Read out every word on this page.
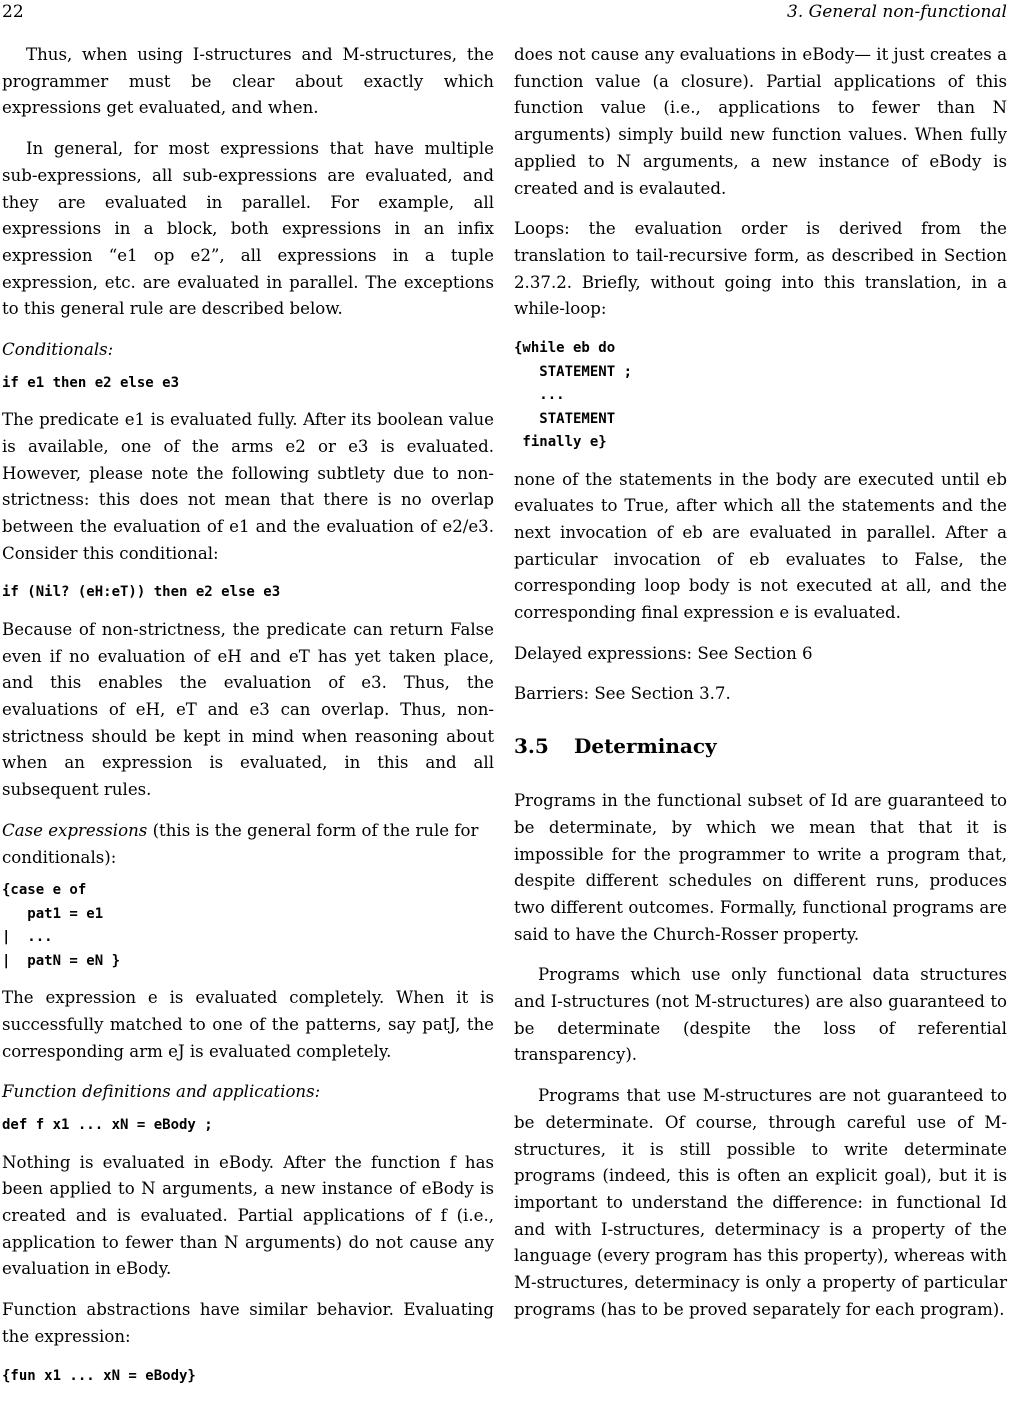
22	3. General non-functional

Thus, when using I-structures and M-structures, the programmer must be clear about exactly which expressions get evaluated, and when.

In general, for most expressions that have multiple sub-expressions, all sub-expressions are evaluated, and they are evaluated in parallel. For example, all expressions in a block, both expressions in an infix expression “e1 op e2”, all expressions in a tuple expression, etc. are evaluated in parallel. The exceptions to this general rule are described below.

Conditionals:
if e1 then e2 else e3

The predicate e1 is evaluated fully. After its boolean value is available, one of the arms e2 or e3 is evaluated. However, please note the following subtlety due to non-strictness: this does not mean that there is no overlap between the evaluation of e1 and the evaluation of e2/e3. Consider this conditional:

if (Nil? (eH:eT)) then e2 else e3

Because of non-strictness, the predicate can return False even if no evaluation of eH and eT has yet taken place, and this enables the evaluation of e3. Thus, the evaluations of eH, eT and e3 can overlap. Thus, non-strictness should be kept in mind when reasoning about when an expression is evaluated, in this and all subsequent rules.

Case expressions (this is the general form of the rule for conditionals):
{case e of
pat1 = e1
|  ...
|  patN = eN }

The expression e is evaluated completely. When it is successfully matched to one of the patterns, say patJ, the corresponding arm eJ is evaluated completely.

Function definitions and applications:
def f x1 ... xN = eBody ;

Nothing is evaluated in eBody. After the function f has been applied to N arguments, a new instance of eBody is created and is evaluated. Partial applications of f (i.e., application to fewer than N arguments) do not cause any evaluation in eBody.

Function abstractions have similar behavior. Evaluating the expression:

{fun x1 ... xN = eBody}

does not cause any evaluations in eBody— it just creates a function value (a closure). Partial applications of this function value (i.e., applications to fewer than N arguments) simply build new function values. When fully applied to N arguments, a new instance of eBody is created and is evalauted.

Loops: the evaluation order is derived from the translation to tail-recursive form, as described in Section 2.37.2. Briefly, without going into this translation, in a while-loop:

{while eb do
STATEMENT ;
...
STATEMENT
finally e}

none of the statements in the body are executed until eb evaluates to True, after which all the statements and the next invocation of eb are evaluated in parallel. After a particular invocation of eb evaluates to False, the corresponding loop body is not executed at all, and the corresponding final expression e is evaluated.

Delayed expressions: See Section 6

Barriers: See Section 3.7.

3.5 Determinacy

Programs in the functional subset of Id are guaranteed to be determinate, by which we mean that that it is impossible for the programmer to write a program that, despite different schedules on different runs, produces two different outcomes. Formally, functional programs are said to have the Church-Rosser property.

Programs which use only functional data structures and I-structures (not M-structures) are also guaranteed to be determinate (despite the loss of referential transparency).

Programs that use M-structures are not guaranteed to be determinate. Of course, through careful use of M-structures, it is still possible to write determinate programs (indeed, this is often an explicit goal), but it is important to understand the difference: in functional Id and with I-structures, determinacy is a property of the language (every program has this property), whereas with M-structures, determinacy is only a property of particular programs (has to be proved separately for each program).
